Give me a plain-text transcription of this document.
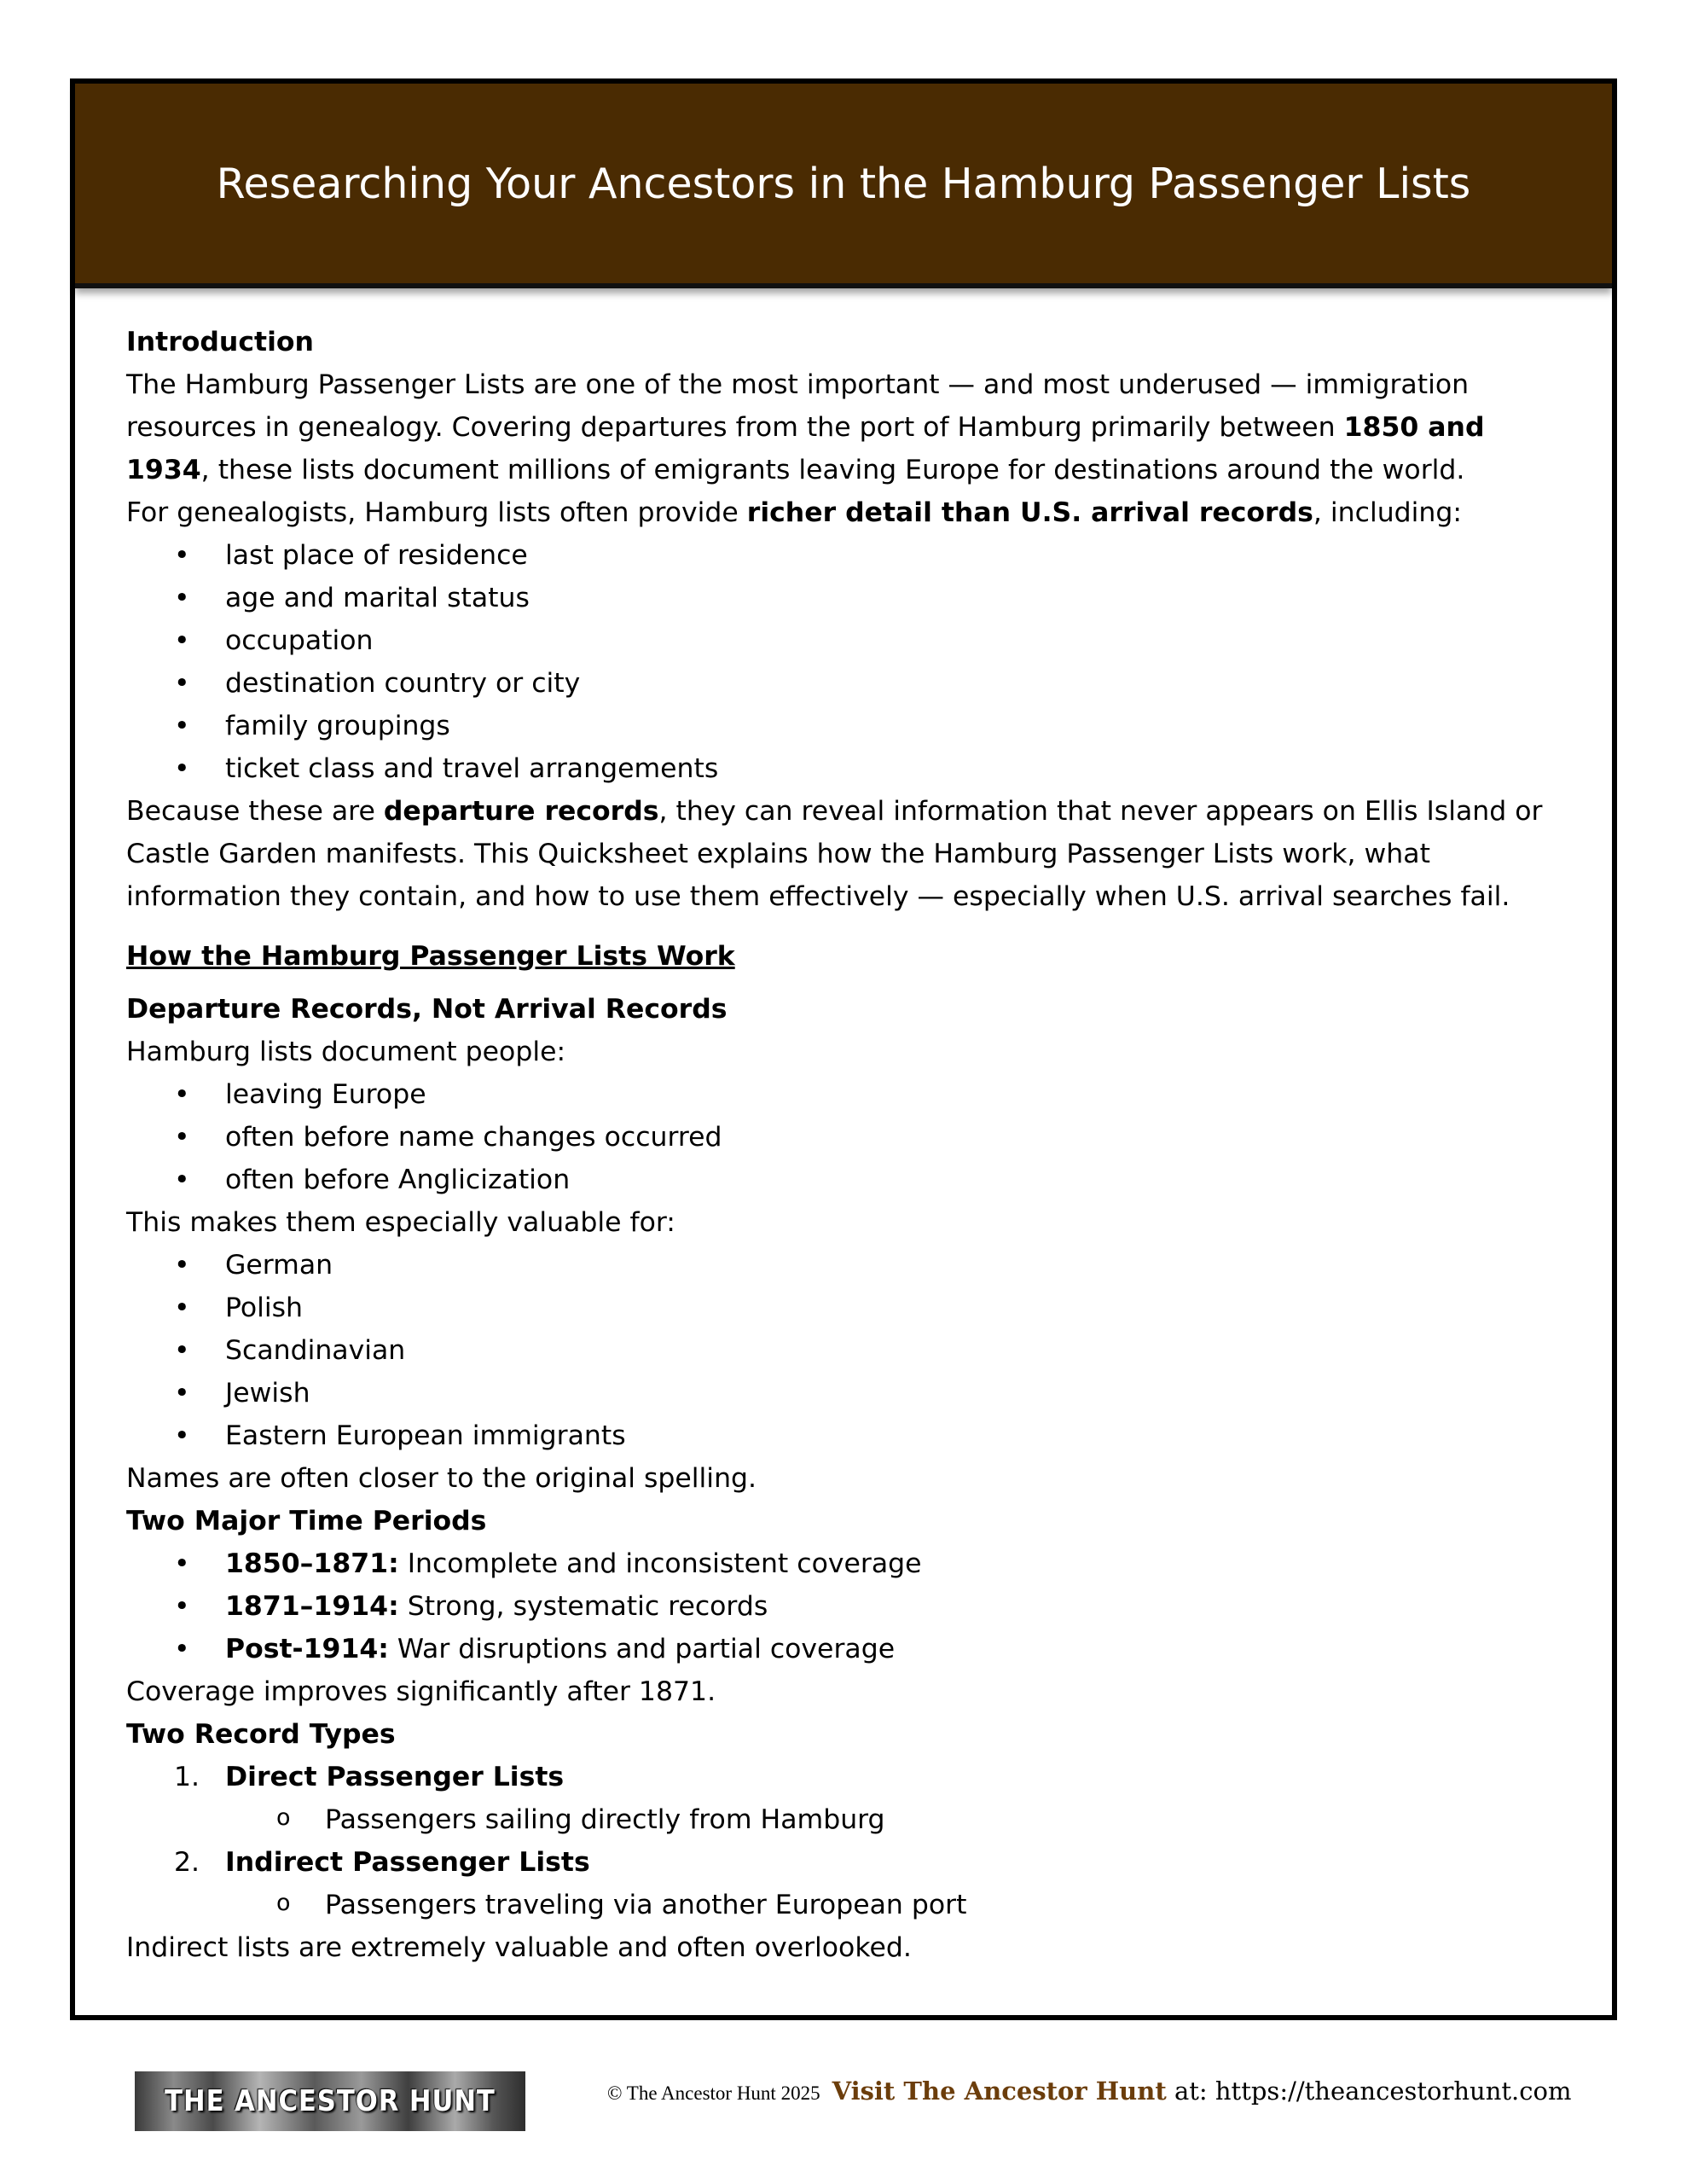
Researching Your Ancestors in the Hamburg Passenger Lists

Introduction

The Hamburg Passenger Lists are one of the most important — and most underused — immigration resources in genealogy. Covering departures from the port of Hamburg primarily between 1850 and 1934, these lists document millions of emigrants leaving Europe for destinations around the world.

For genealogists, Hamburg lists often provide richer detail than U.S. arrival records, including:

• last place of residence
• age and marital status
• occupation
• destination country or city
• family groupings
• ticket class and travel arrangements

Because these are departure records, they can reveal information that never appears on Ellis Island or Castle Garden manifests. This Quicksheet explains how the Hamburg Passenger Lists work, what information they contain, and how to use them effectively — especially when U.S. arrival searches fail.

How the Hamburg Passenger Lists Work

Departure Records, Not Arrival Records

Hamburg lists document people:

• leaving Europe
• often before name changes occurred
• often before Anglicization

This makes them especially valuable for:

• German
• Polish
• Scandinavian
• Jewish
• Eastern European immigrants

Names are often closer to the original spelling.

Two Major Time Periods

• 1850–1871: Incomplete and inconsistent coverage
• 1871–1914: Strong, systematic records
• Post-1914: War disruptions and partial coverage

Coverage improves significantly after 1871.

Two Record Types

1. Direct Passenger Lists
o Passengers sailing directly from Hamburg
2. Indirect Passenger Lists
o Passengers traveling via another European port

Indirect lists are extremely valuable and often overlooked.

THE ANCESTOR HUNT	© The Ancestor Hunt 2025 Visit The Ancestor Hunt at: https://theancestorhunt.com
